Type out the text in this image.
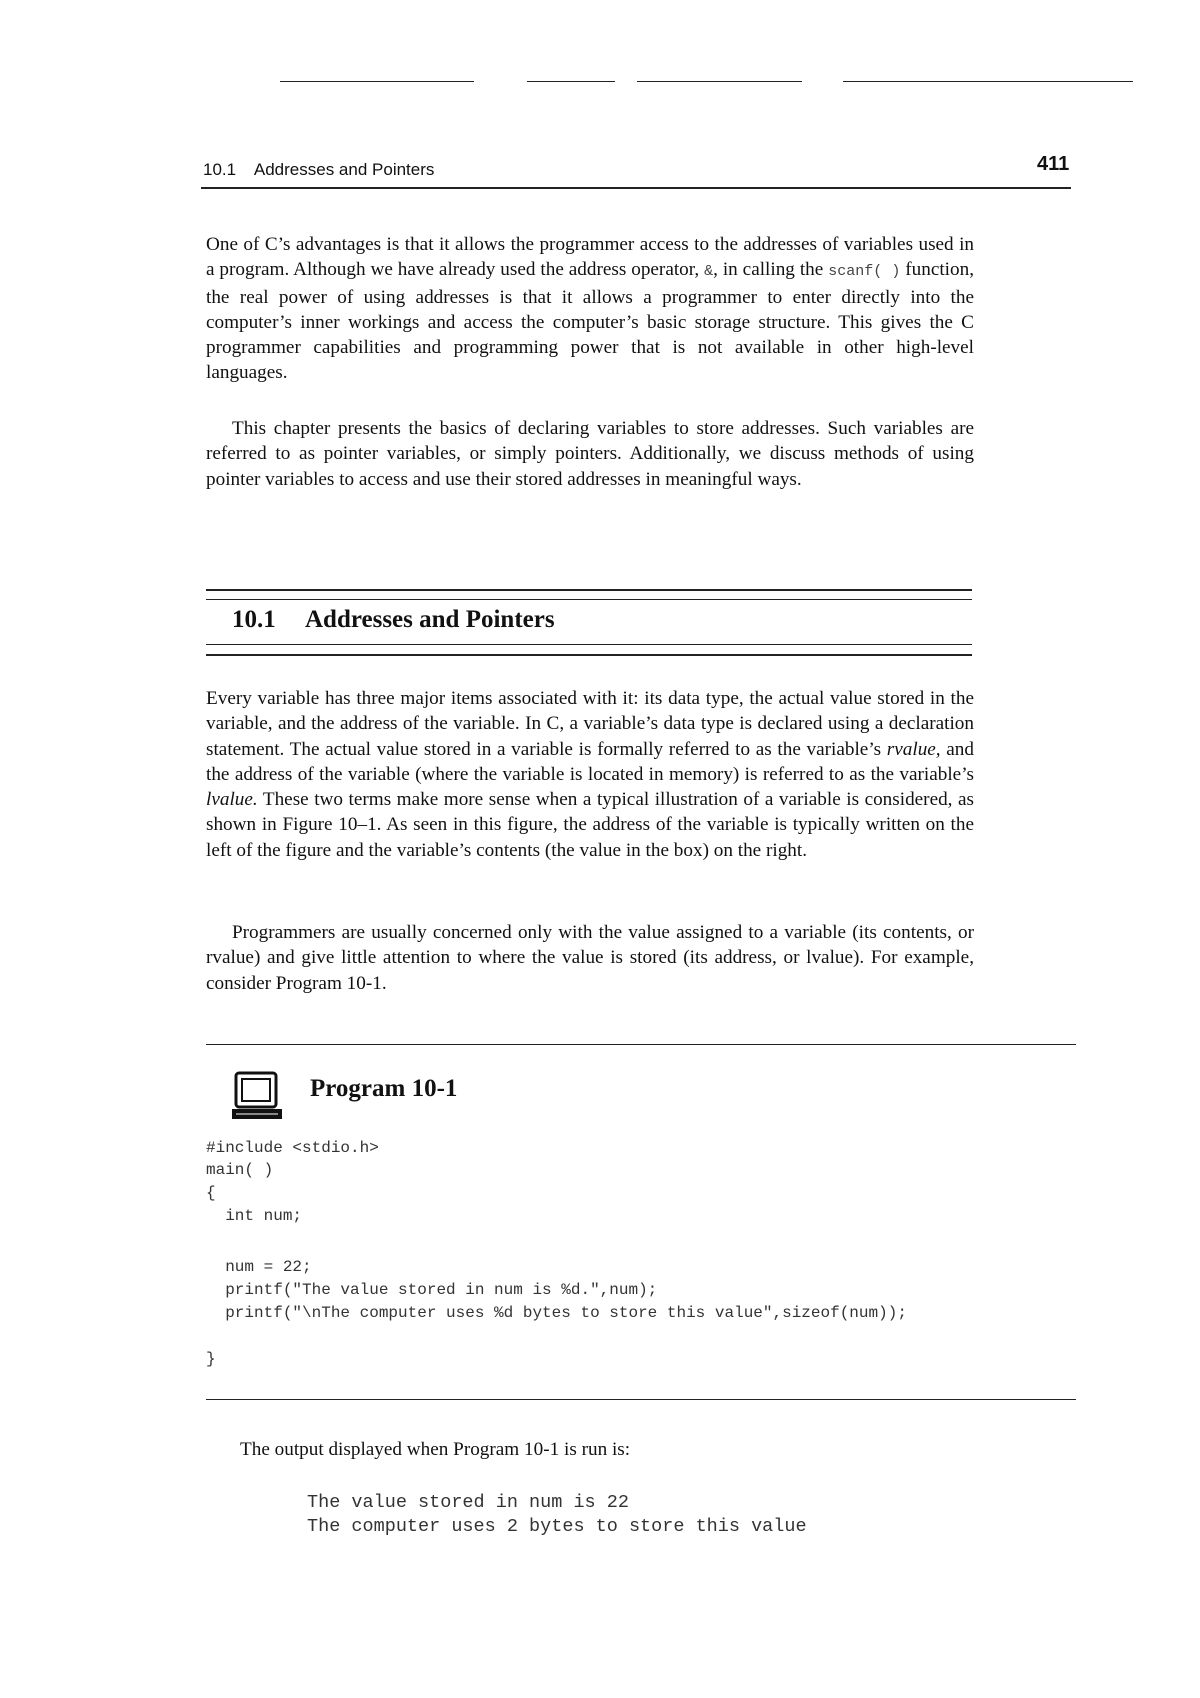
10.1 Addresses and Pointers	411

One of C’s advantages is that it allows the programmer access to the addresses of variables used in a program. Although we have already used the address operator, &, in calling the scanf( ) function, the real power of using addresses is that it allows a programmer to enter directly into the computer’s inner workings and access the computer’s basic storage structure. This gives the C programmer capabilities and programming power that is not available in other high-level languages.

This chapter presents the basics of declaring variables to store addresses. Such variables are referred to as pointer variables, or simply pointers. Additionally, we discuss methods of using pointer variables to access and use their stored addresses in meaningful ways.

10.1 Addresses and Pointers

Every variable has three major items associated with it: its data type, the actual value stored in the variable, and the address of the variable. In C, a variable’s data type is declared using a declaration statement. The actual value stored in a variable is formally referred to as the variable’s rvalue, and the address of the variable (where the variable is located in memory) is referred to as the variable’s lvalue. These two terms make more sense when a typical illustration of a variable is considered, as shown in Figure 10–1. As seen in this figure, the address of the variable is typically written on the left of the figure and the variable’s contents (the value in the box) on the right.

Programmers are usually concerned only with the value assigned to a variable (its contents, or rvalue) and give little attention to where the value is stored (its address, or lvalue). For example, consider Program 10-1.

Program 10-1
#include <stdio.h>
main( )
{
int num;
num = 22;
printf("The value stored in num is %d.",num);
printf("\nThe computer uses %d bytes to store this value",sizeof(num));
}

The output displayed when Program 10-1 is run is:

The value stored in num is 22
The computer uses 2 bytes to store this value
